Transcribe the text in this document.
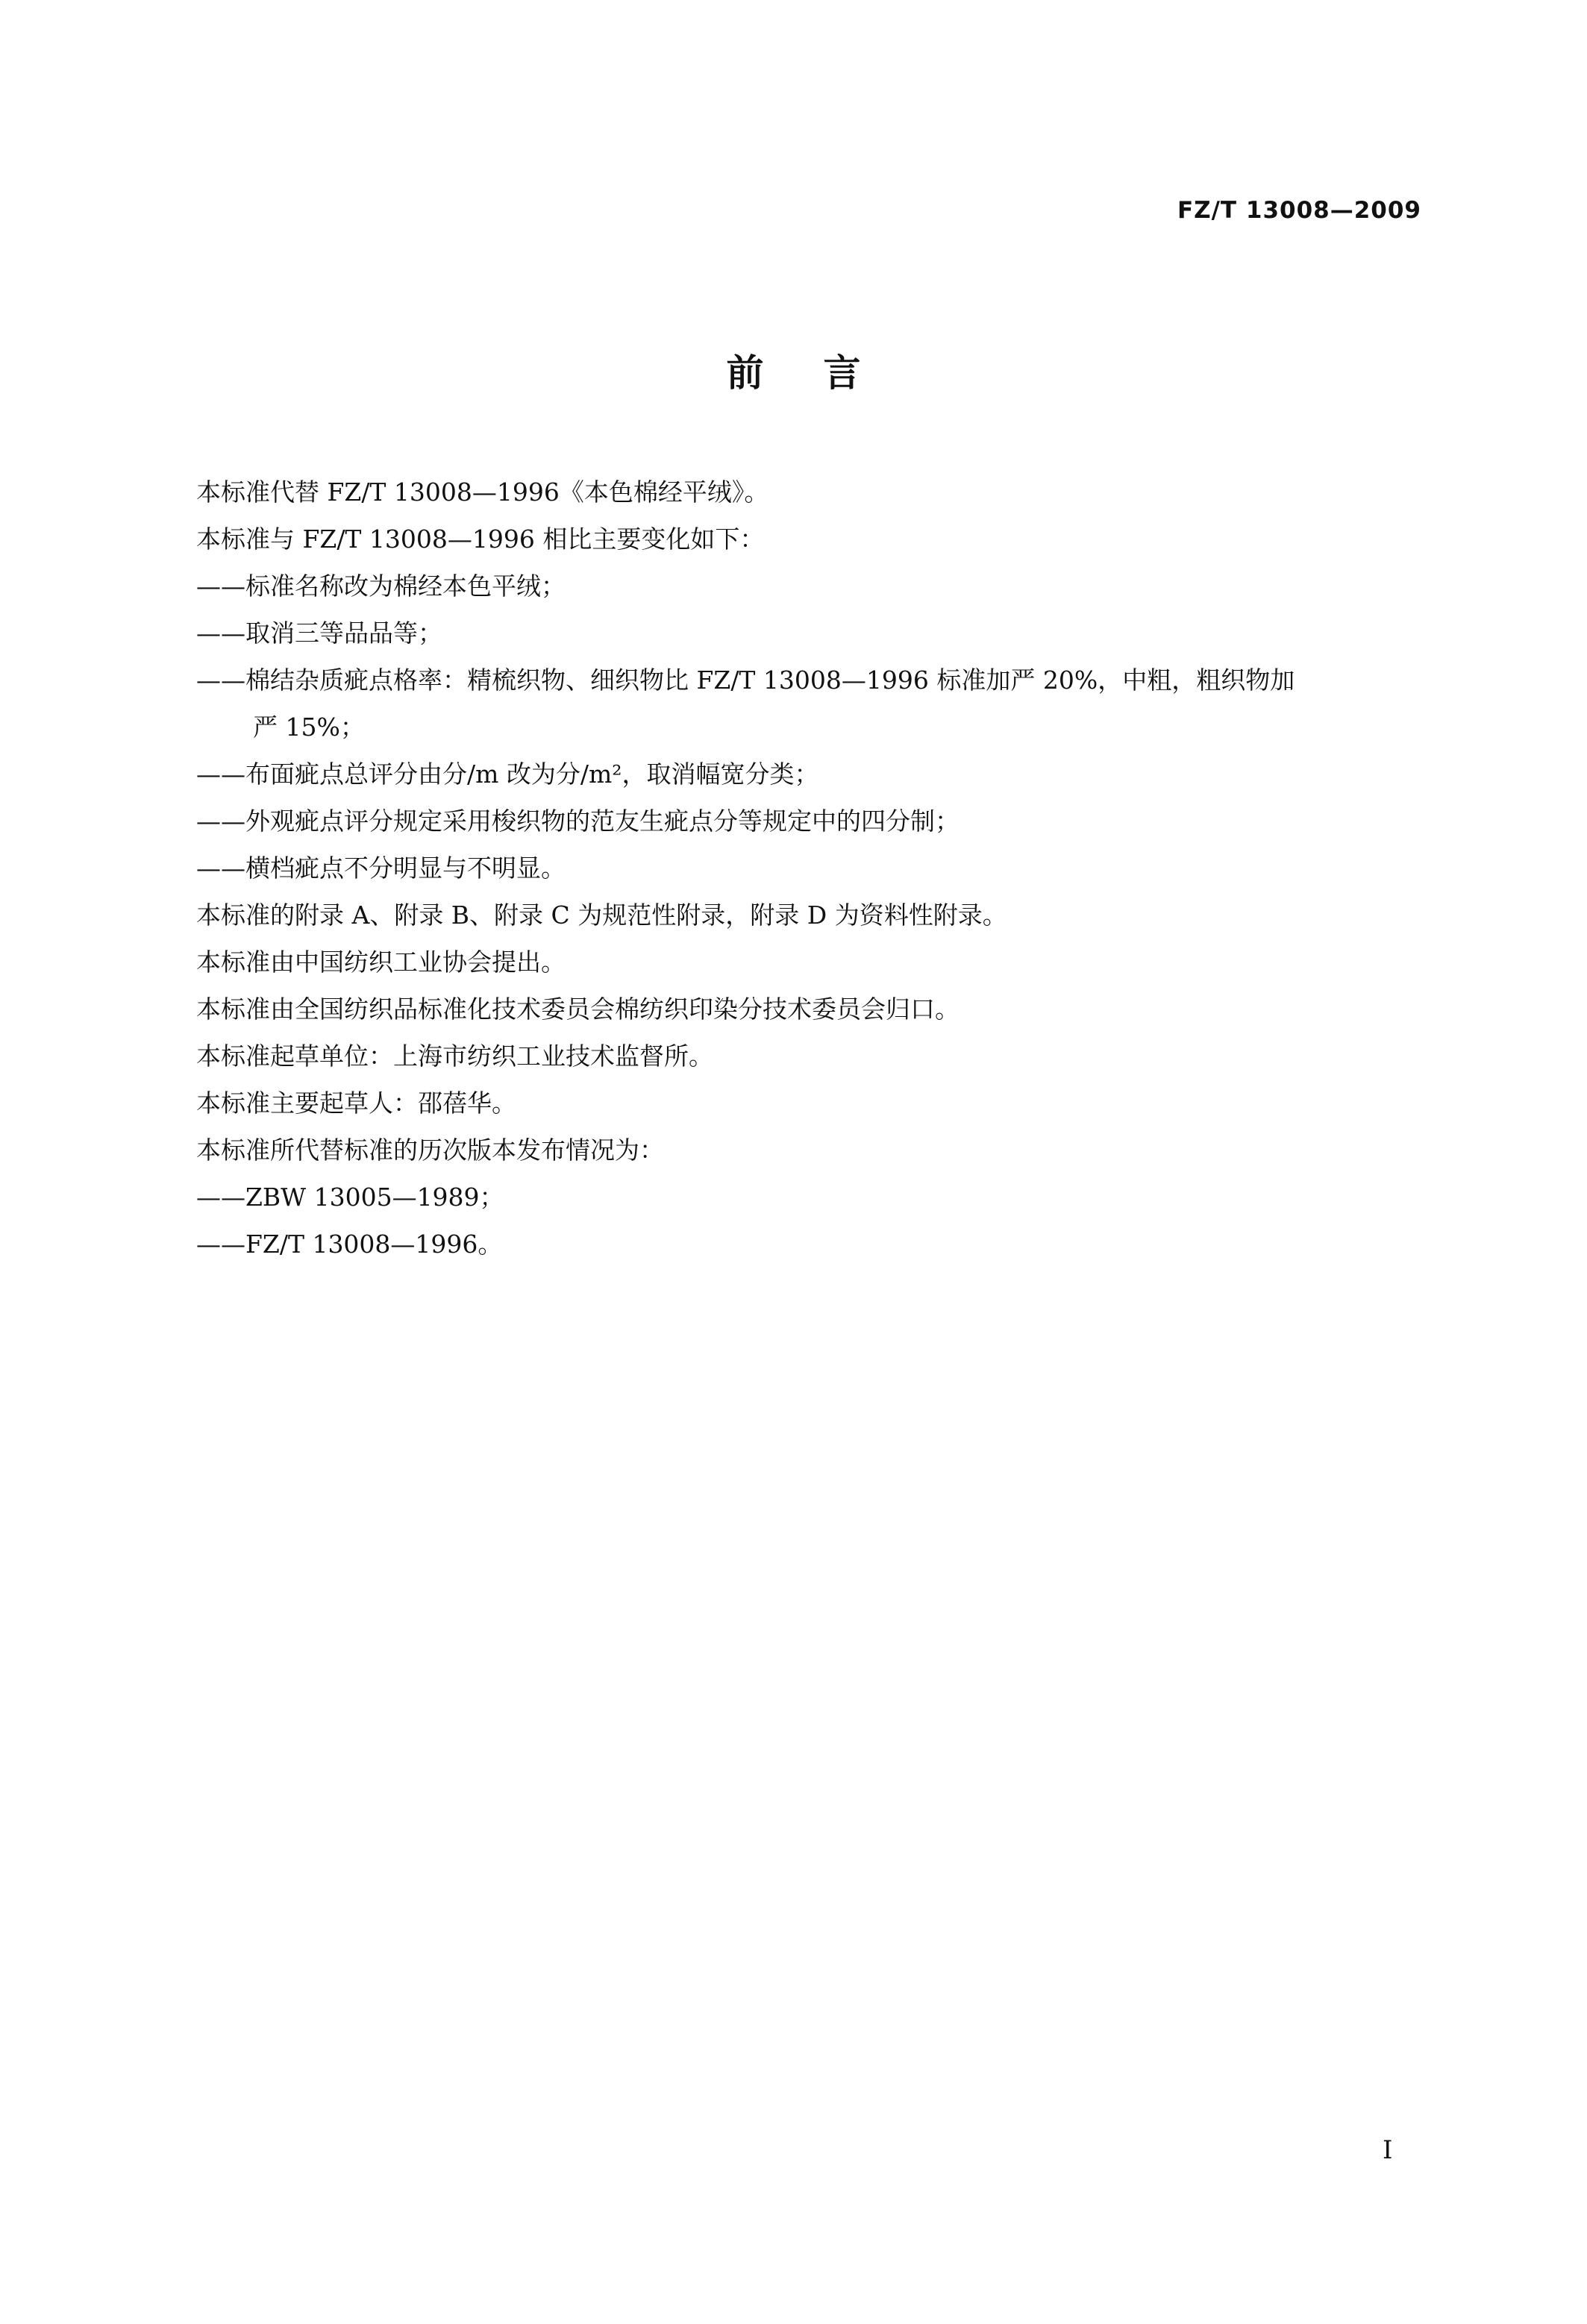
FZ/T 13008—2009
前言
本标准代替 FZ/T 13008—1996《本色棉经平绒》。
本标准与 FZ/T 13008—1996 相比主要变化如下：
——标准名称改为棉经本色平绒；
——取消三等品品等；
——棉结杂质疵点格率：精梳织物、细织物比 FZ/T 13008—1996 标准加严 20%，中粗，粗织物加
严 15%；
——布面疵点总评分由分/m 改为分/m²，取消幅宽分类；
——外观疵点评分规定采用梭织物的范友生疵点分等规定中的四分制；
——横档疵点不分明显与不明显。
本标准的附录 A、附录 B、附录 C 为规范性附录，附录 D 为资料性附录。
本标准由中国纺织工业协会提出。
本标准由全国纺织品标准化技术委员会棉纺织印染分技术委员会归口。
本标准起草单位：上海市纺织工业技术监督所。
本标准主要起草人：邵蓓华。
本标准所代替标准的历次版本发布情况为：
——ZBW 13005—1989；
——FZ/T 13008—1996。
I
